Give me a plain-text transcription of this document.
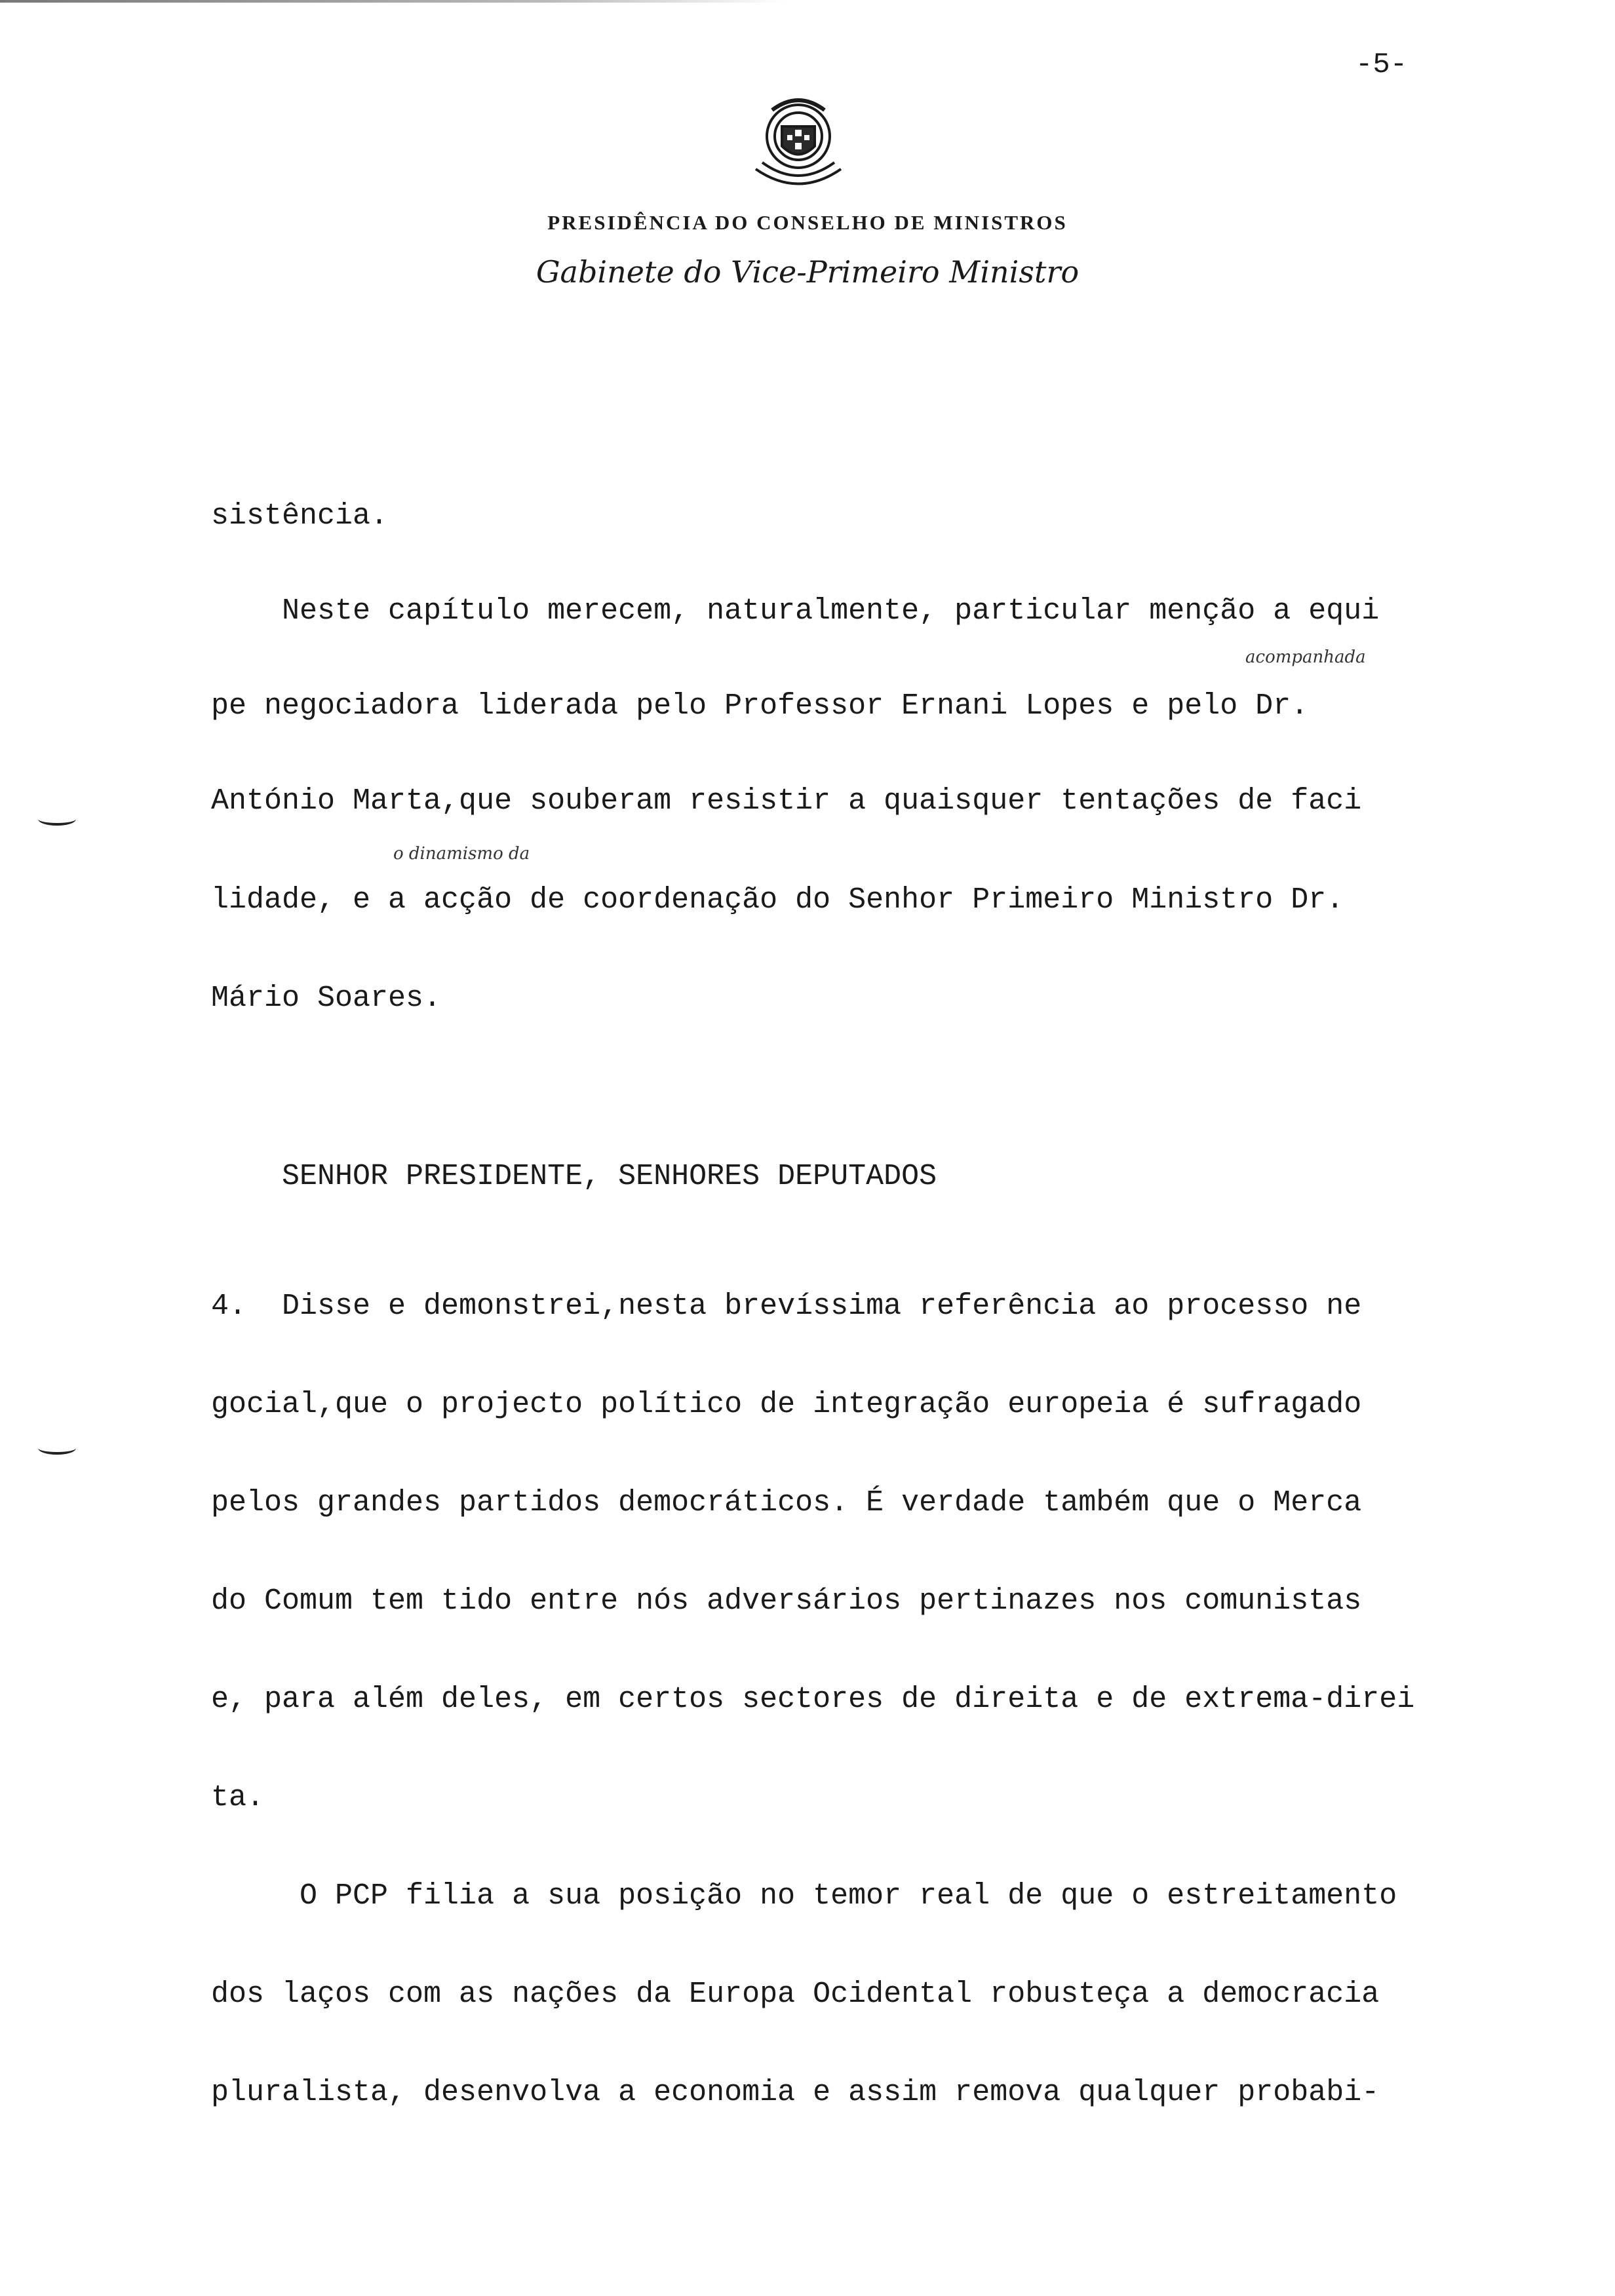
-5-
PRESIDÊNCIA DO CONSELHO DE MINISTROS
Gabinete do Vice-Primeiro Ministro
sistência.
Neste capítulo merecem, naturalmente, particular menção a equi
acompanhada
pe negociadora liderada pelo Professor Ernani Lopes e pelo Dr.
António Marta,que souberam resistir a quaisquer tentações de faci
o dinamismo da
lidade, e a acção de coordenação do Senhor Primeiro Ministro Dr.
Mário Soares.
SENHOR PRESIDENTE, SENHORES DEPUTADOS
4.  Disse e demonstrei,nesta brevíssima referência ao processo ne
gocial,que o projecto político de integração europeia é sufragado
pelos grandes partidos democráticos. É verdade também que o Merca
do Comum tem tido entre nós adversários pertinazes nos comunistas
e, para além deles, em certos sectores de direita e de extrema-direi
ta.
O PCP filia a sua posição no temor real de que o estreitamento
dos laços com as nações da Europa Ocidental robusteça a democracia
pluralista, desenvolva a economia e assim remova qualquer probabi-
